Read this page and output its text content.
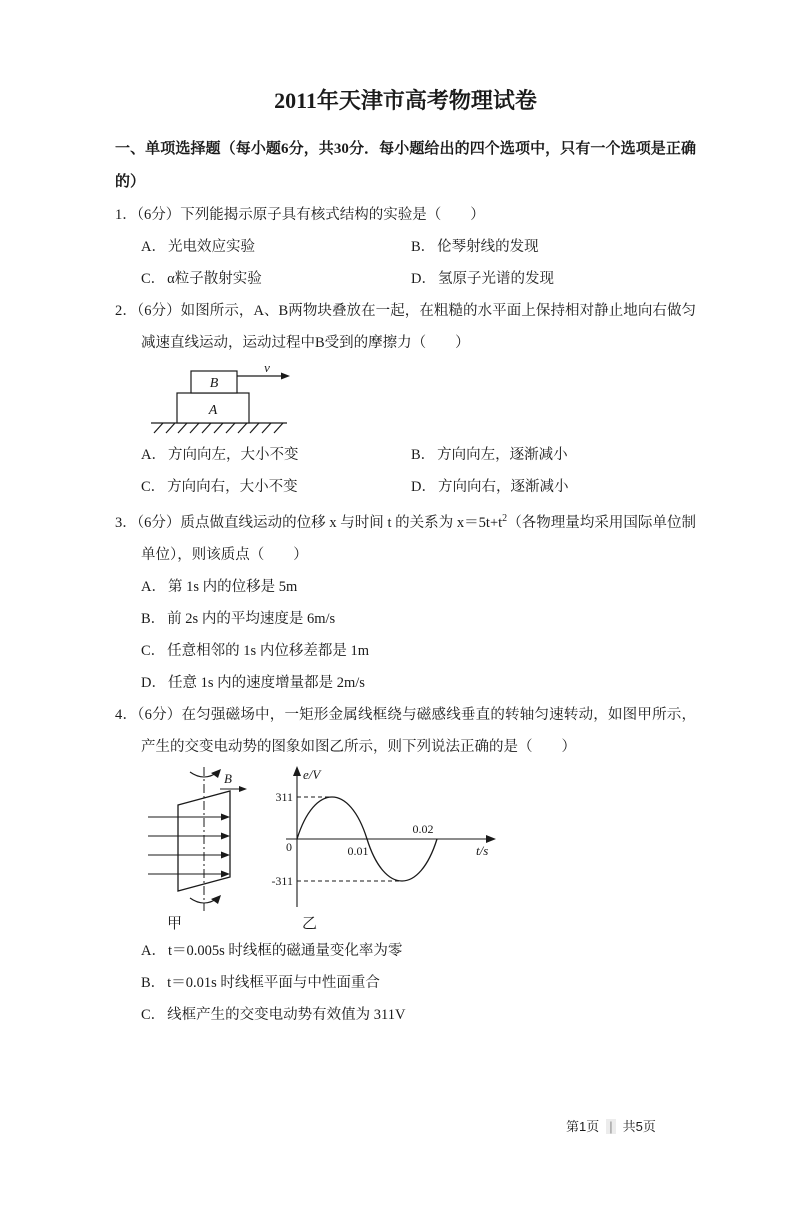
2011年天津市高考物理试卷

一、单项选择题（每小题6分，共30分．每小题给出的四个选项中，只有一个选项是正确的）

1．（6分）下列能揭示原子具有核式结构的实验是（　　）

A． 光电效应实验	B． 伦琴射线的发现

C． α粒子散射实验	D． 氢原子光谱的发现

2．（6分）如图所示，A、B两物块叠放在一起，在粗糙的水平面上保持相对静止地向右做匀减速直线运动，运动过程中B受到的摩擦力（　　）

A
B
v

A． 方向向左，大小不变	B． 方向向左，逐渐减小

C． 方向向右，大小不变	D． 方向向右，逐渐减小

3．（6分）质点做直线运动的位移 x 与时间 t 的关系为 $x=5t+t^2$（各物理量均采用国际单位制单位），则该质点（　　）

A． 第 1s 内的位移是 5m

B． 前 2s 内的平均速度是 6m/s

C． 任意相邻的 1s 内位移差都是 1m

D． 任意 1s 内的速度增量都是 2m/s

4．（6分）在匀强磁场中，一矩形金属线框绕与磁感线垂直的转轴匀速转动，如图甲所示，产生的交变电动势的图象如图乙所示，则下列说法正确的是（　　）

B
311
0
-311
0.01
0.02
e/V
t/s
甲	乙

A． t＝0.005s 时线框的磁通量变化率为零

B． t＝0.01s 时线框平面与中性面重合

C． 线框产生的交变电动势有效值为 311V

第1页 | 共5页
